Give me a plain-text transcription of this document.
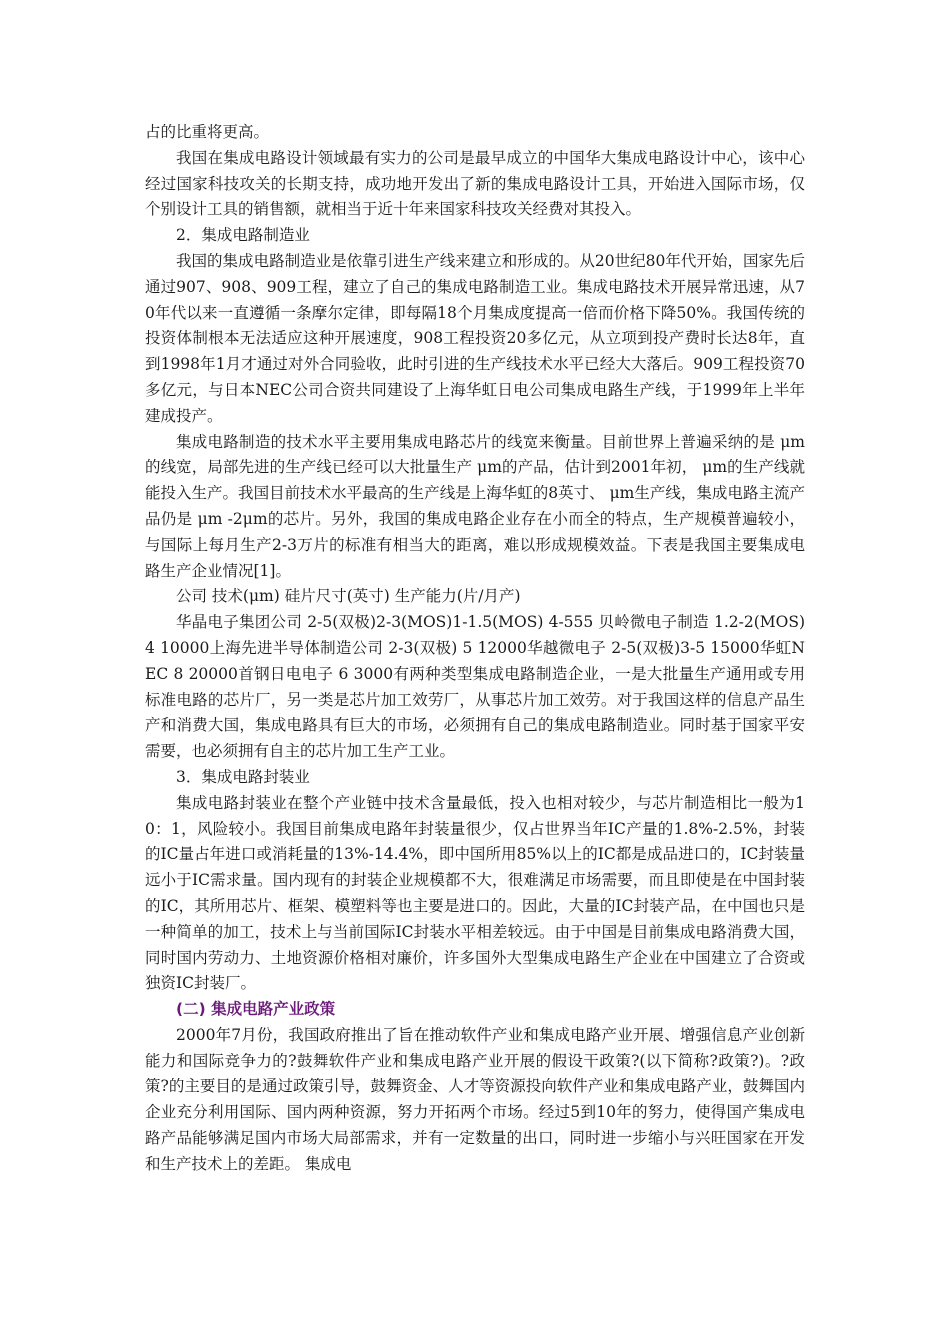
占的比重将更高。

我国在集成电路设计领域最有实力的公司是最早成立的中国华大集成电路设计中心，该中心经过国家科技攻关的长期支持，成功地开发出了新的集成电路设计工具，开始进入国际市场，仅个别设计工具的销售额，就相当于近十年来国家科技攻关经费对其投入。

2．集成电路制造业

我国的集成电路制造业是依靠引进生产线来建立和形成的。从20世纪80年代开始，国家先后通过907、908、909工程，建立了自己的集成电路制造工业。集成电路技术开展异常迅速，从70年代以来一直遵循一条摩尔定律，即每隔18个月集成度提高一倍而价格下降50%。我国传统的投资体制根本无法适应这种开展速度，908工程投资20多亿元，从立项到投产费时长达8年，直到1998年1月才通过对外合同验收，此时引进的生产线技术水平已经大大落后。909工程投资70多亿元，与日本NEC公司合资共同建设了上海华虹日电公司集成电路生产线，于1999年上半年建成投产。

集成电路制造的技术水平主要用集成电路芯片的线宽来衡量。目前世界上普遍采纳的是 μm的线宽，局部先进的生产线已经可以大批量生产 μm的产品，估计到2001年初， μm的生产线就能投入生产。我国目前技术水平最高的生产线是上海华虹的8英寸、 μm生产线，集成电路主流产品仍是 μm -2μm的芯片。另外，我国的集成电路企业存在小而全的特点，生产规模普遍较小，与国际上每月生产2-3万片的标准有相当大的距离，难以形成规模效益。下表是我国主要集成电路生产企业情况[1]。

公司 技术(μm) 硅片尺寸(英寸) 生产能力(片/月产)

华晶电子集团公司 2-5(双极)2-3(MOS)1-1.5(MOS) 4-555 贝岭微电子制造 1.2-2(MOS) 4 10000上海先进半导体制造公司 2-3(双极) 5 12000华越微电子 2-5(双极)3-5 15000华虹NEC 8 20000首钢日电电子 6 3000有两种类型集成电路制造企业，一是大批量生产通用或专用标准电路的芯片厂，另一类是芯片加工效劳厂，从事芯片加工效劳。对于我国这样的信息产品生产和消费大国，集成电路具有巨大的市场，必须拥有自己的集成电路制造业。同时基于国家平安需要，也必须拥有自主的芯片加工生产工业。

3．集成电路封装业

集成电路封装业在整个产业链中技术含量最低，投入也相对较少，与芯片制造相比一般为10：1，风险较小。我国目前集成电路年封装量很少，仅占世界当年IC产量的1.8%-2.5%，封装的IC量占年进口或消耗量的13%-14.4%，即中国所用85%以上的IC都是成品进口的，IC封装量远小于IC需求量。国内现有的封装企业规模都不大，很难满足市场需要，而且即使是在中国封装的IC，其所用芯片、框架、模塑料等也主要是进口的。因此，大量的IC封装产品，在中国也只是一种简单的加工，技术上与当前国际IC封装水平相差较远。由于中国是目前集成电路消费大国，同时国内劳动力、土地资源价格相对廉价，许多国外大型集成电路生产企业在中国建立了合资或独资IC封装厂。

(二) 集成电路产业政策

2000年7月份，我国政府推出了旨在推动软件产业和集成电路产业开展、增强信息产业创新能力和国际竞争力的?鼓舞软件产业和集成电路产业开展的假设干政策?(以下简称?政策?)。?政策?的主要目的是通过政策引导，鼓舞资金、人才等资源投向软件产业和集成电路产业，鼓舞国内企业充分利用国际、国内两种资源，努力开拓两个市场。经过5到10年的努力，使得国产集成电路产品能够满足国内市场大局部需求，并有一定数量的出口，同时进一步缩小与兴旺国家在开发和生产技术上的差距。 集成电
